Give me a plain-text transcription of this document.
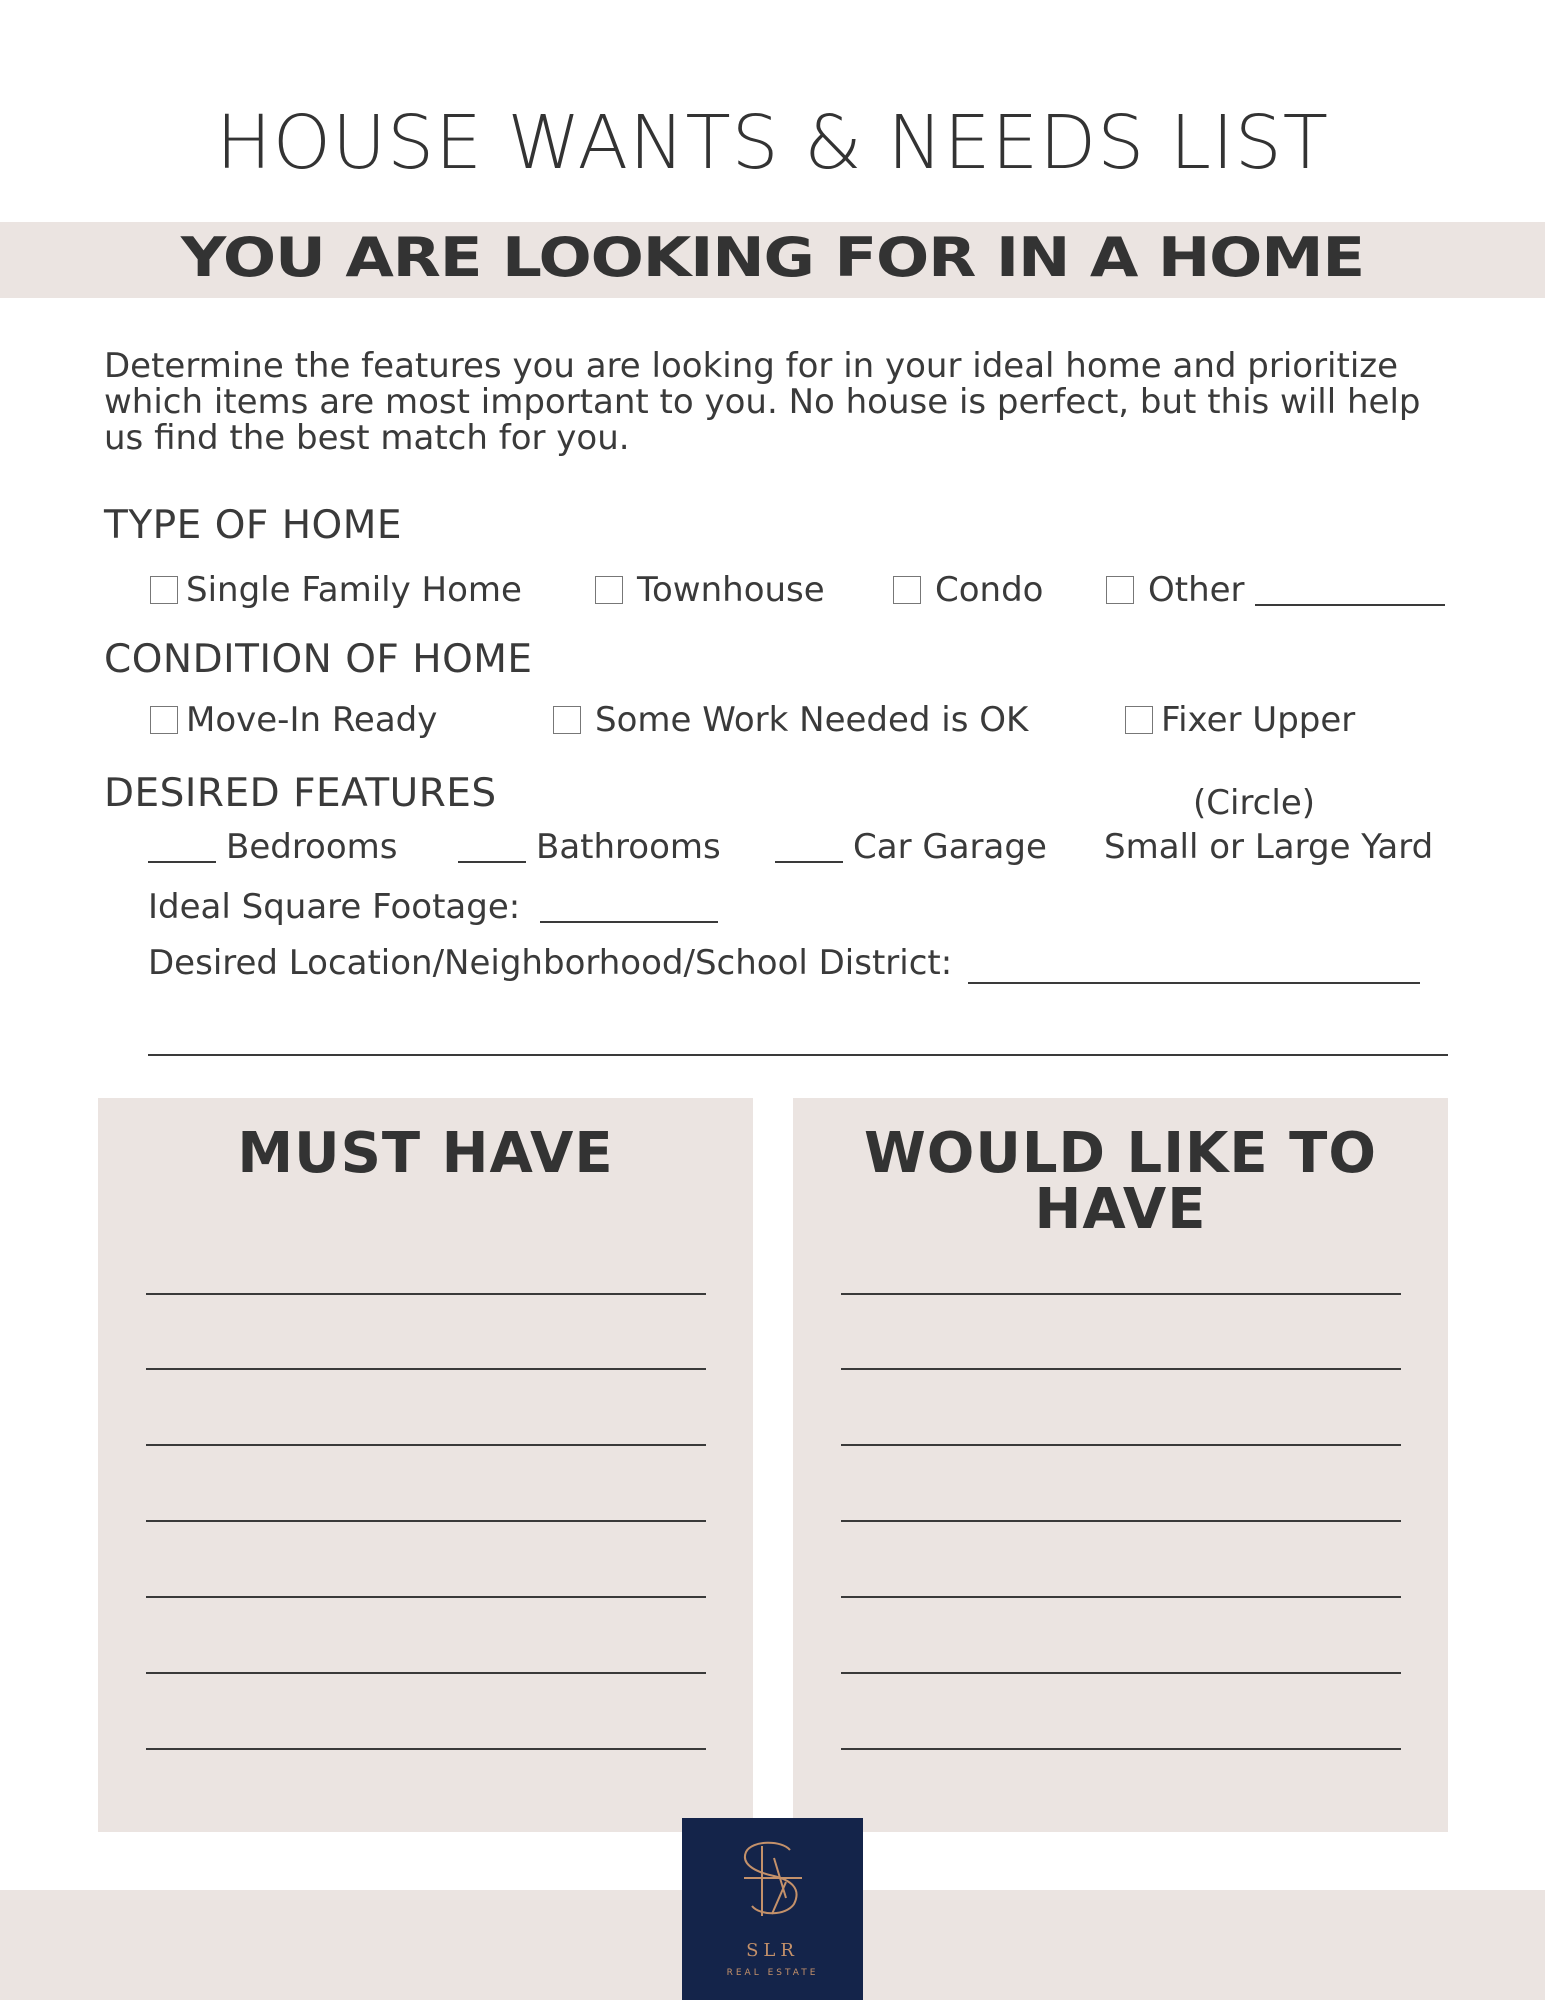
HOUSE WANTS & NEEDS LIST
YOU ARE LOOKING FOR IN A HOME

Determine the features you are looking for in your ideal home and prioritize which items are most important to you. No house is perfect, but this will help us find the best match for you.

TYPE OF HOME
Single Family Home	Townhouse	Condo	Other
CONDITION OF HOME
Move-In Ready	Some Work Needed is OK	Fixer Upper
DESIRED FEATURES	(Circle)
Bedrooms	Bathrooms	Car Garage Small or Large Yard
Ideal Square Footage:
Desired Location/Neighborhood/School District:
MUST HAVE	WOULD LIKE TO
HAVE
SLR
REAL ESTATE
